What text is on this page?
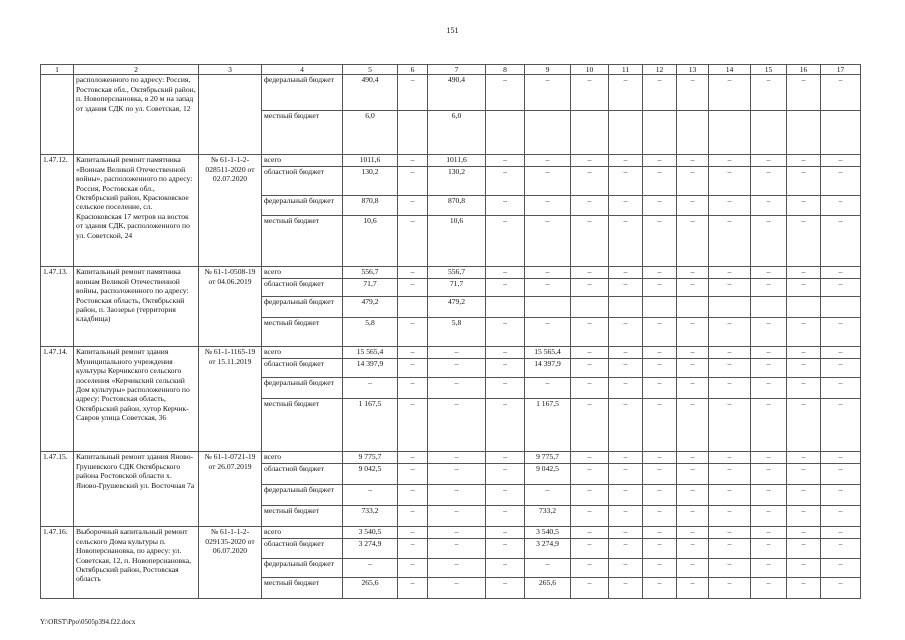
151
1	2	3	4	5	6	7	8	9	10	11	12	13	14	15	16	17
	расположенного по адресу: Россия, Ростовская обл., Октябрьский район, п. Новоперсиановка, в 20 м на запад от здания СДК по ул. Советская, 12		федеральный бюджет	490,4	–	490,4	–	–	–	–	–	–	–	–	–	–
			местный бюджет	6,0		6,0										
1.47.12.	Капитальный ремонт памятника «Воинам Великой Отечественной войны», расположенного по адресу: Россия, Ростовская обл., Октябрьский район, Красюковское сельское поселение, сл. Красюковская 17 метров на восток от здания СДК, расположенного по ул. Советской, 24	№ 61-1-1-2-028511-2020 от 02.07.2020	всего	1011,6	–	1011,6	–	–	–	–	–	–	–	–	–	–
			областной бюджет	130,2	–	130,2	–	–	–	–	–	–	–	–	–	–
			федеральный бюджет	870,8	–	870,8	–	–	–	–	–	–	–	–	–	–
			местный бюджет	10,6	–	10,6	–	–	–	–	–	–	–	–	–	–
1.47.13.	Капитальный ремонт памятника воинам Великой Отечественной войны, расположенного по адресу: Ростовская область, Октябрьский район, п. Заозерье (территория кладбища)	№ 61-1-0508-19 от 04.06.2019	всего	556,7	–	556,7	–	–	–	–	–	–	–	–	–	–
			областной бюджет	71,7	–	71,7	–	–	–	–	–	–	–	–	–	–
			федеральный бюджет	479,2		479,2										
			местный бюджет	5,8	–	5,8	–	–	–	–	–	–	–	–	–	–
1.47.14.	Капитальный ремонт здания Муниципального учреждения культуры Керчикского сельского поселения «Керчикский сельский Дом культуры» расположенного по адресу: Ростовская область, Октябрьский район, хутор Керчик-Савров улица Советская, 36	№ 61-1-1165-19 от 15.11.2019	всего	15 565,4	–	–	–	15 565,4	–	–	–	–	–	–	–	–
			областной бюджет	14 397,9	–	–	–	14 397,9	–	–	–	–	–	–	–	–
			федеральный бюджет	–	–	–	–	–	–	–	–	–	–	–	–	–
			местный бюджет	1 167,5	–	–	–	1 167,5	–	–	–	–	–	–	–	–
1.47.15.	Капитальный ремонт здания Яново-Грушевского СДК Октябрьского района Ростовской области х. Яново-Грушевский ул. Восточная 7а	№ 61-1-0721-19 от 26.07.2019	всего	9 775,7	–	–	–	9 775,7	–	–	–	–	–	–	–	–
			областной бюджет	9 042,5	–	–	–	9 042,5	–	–	–	–	–	–	–	–
			федеральный бюджет	–	–	–	–	–	–	–	–	–	–	–	–	–
			местный бюджет	733,2	–	–	–	733,2	–	–	–	–	–	–	–	–
1.47.16.	Выборочный капитальный ремонт сельского Дома культуры п. Новоперсиановка, по адресу: ул. Советская, 12, п. Новоперсиановка, Октябрьский район, Ростовская область	№ 61-1-1-2-029135-2020 от 06.07.2020	всего	3 540,5	–	–	–	3 540,5	–	–	–	–	–	–	–	–
			областной бюджет	3 274,9	–	–	–	3 274,9	–	–	–	–	–	–	–	–
			федеральный бюджет	–	–	–	–	–	–	–	–	–	–	–	–	–
			местный бюджет	265,6	–	–	–	265,6	–	–	–	–	–	–	–	–
Y:\ORST\Ppo\0505p394.f22.docx
